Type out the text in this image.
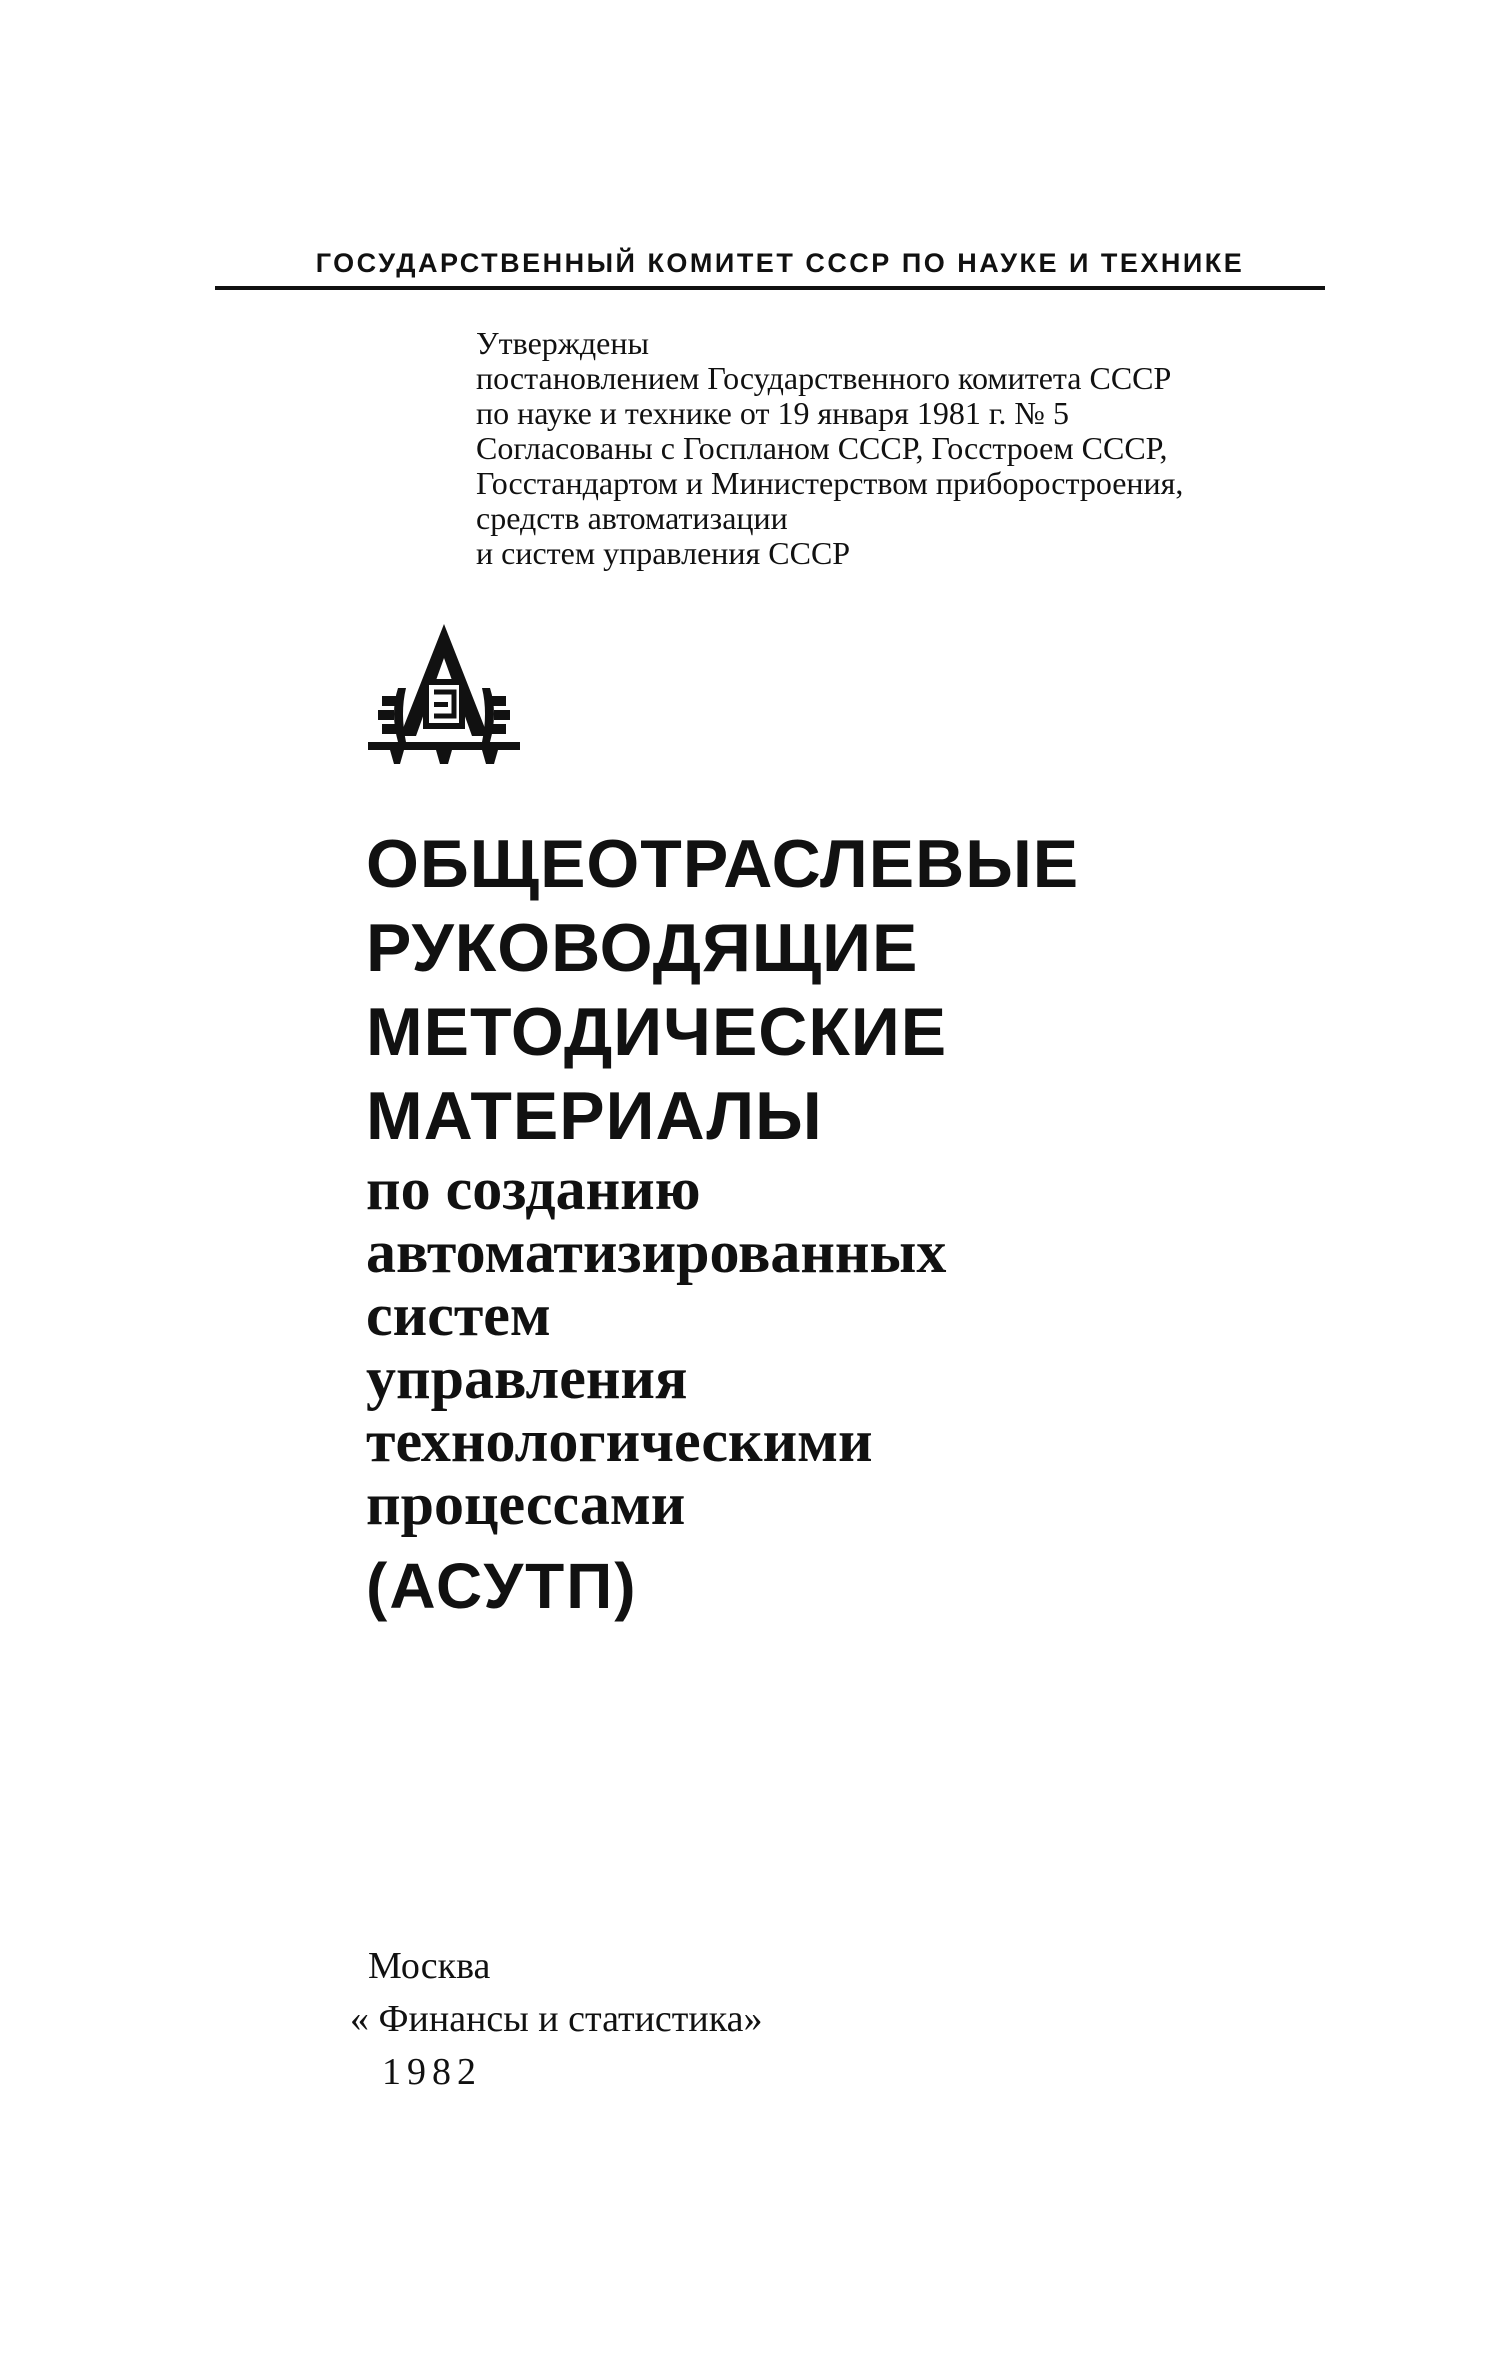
ГОСУДАРСТВЕННЫЙ КОМИТЕТ СССР ПО НАУКЕ И ТЕХНИКЕ
Утверждены
постановлением Государственного комитета СССР
по науке и технике от 19 января 1981 г. № 5
Согласованы с Госпланом СССР, Госстроем СССР,
Госстандартом и Министерством приборостроения,
средств автоматизации
и систем управления СССР
ОБЩЕОТРАСЛЕВЫЕ
РУКОВОДЯЩИЕ
МЕТОДИЧЕСКИЕ
МАТЕРИАЛЫ
по созданию
автоматизированных
систем
управления
технологическими
процессами
(АСУТП)
Москва
« Финансы и статистика»
1982
